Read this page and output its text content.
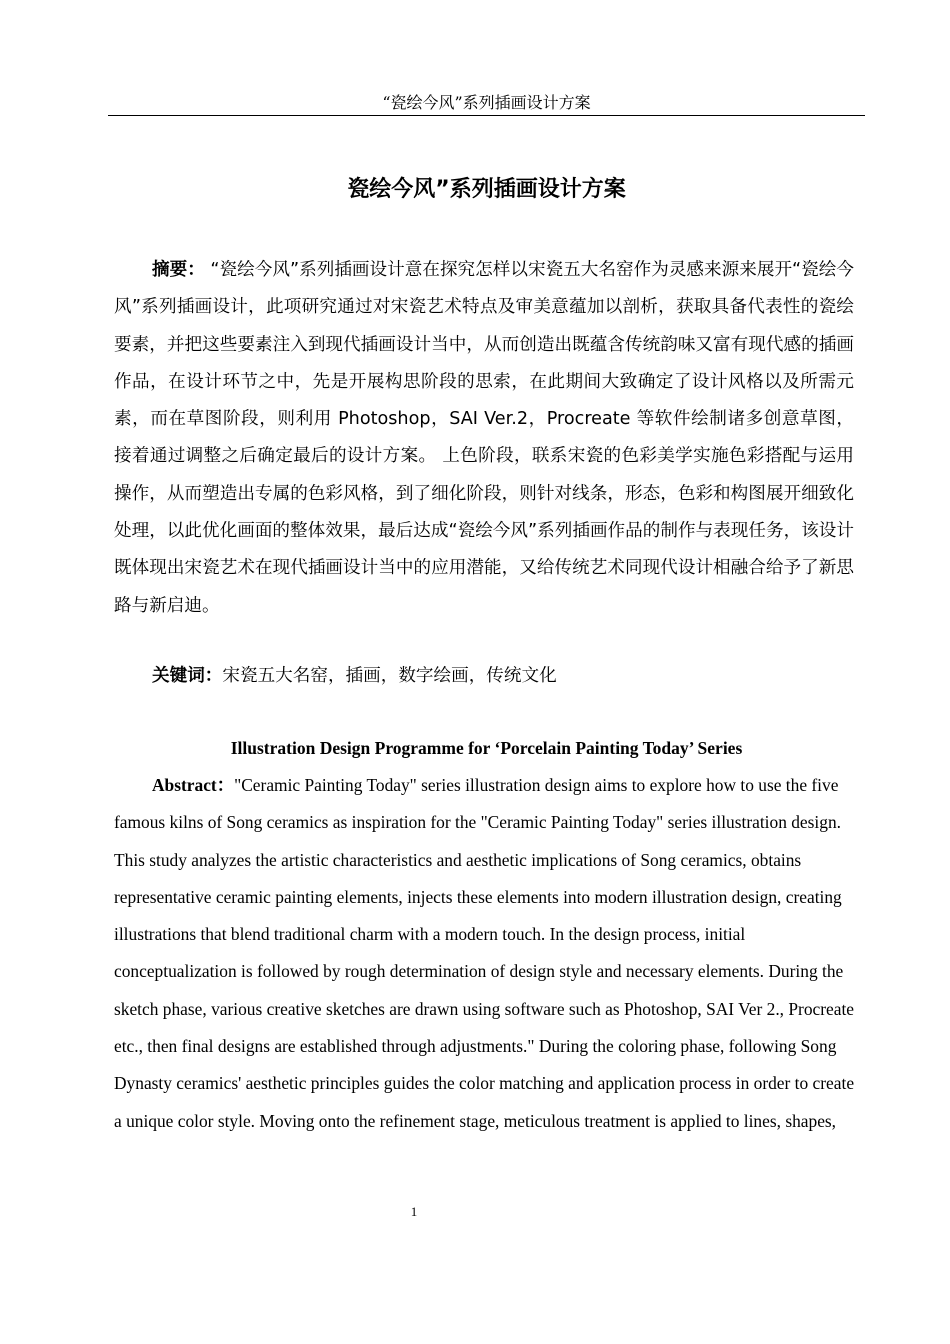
“瓷绘今风”系列插画设计方案
瓷绘今风”系列插画设计方案

摘要： “瓷绘今风”系列插画设计意在探究怎样以宋瓷五大名窑作为灵感来源来展开“瓷绘今风”系列插画设计，此项研究通过对宋瓷艺术特点及审美意蕴加以剖析，获取具备代表性的瓷绘要素，并把这些要素注入到现代插画设计当中，从而创造出既蕴含传统韵味又富有现代感的插画作品，在设计环节之中，先是开展构思阶段的思索，在此期间大致确定了设计风格以及所需元素，而在草图阶段，则利用 Photoshop，SAI Ver.2，Procreate 等软件绘制诸多创意草图，接着通过调整之后确定最后的设计方案。 上色阶段，联系宋瓷的色彩美学实施色彩搭配与运用操作，从而塑造出专属的色彩风格，到了细化阶段，则针对线条，形态，色彩和构图展开细致化处理，以此优化画面的整体效果，最后达成“瓷绘今风”系列插画作品的制作与表现任务，该设计既体现出宋瓷艺术在现代插画设计当中的应用潜能，又给传统艺术同现代设计相融合给予了新思路与新启迪。

关键词：宋瓷五大名窑，插画，数字绘画，传统文化

Illustration Design Programme for ‘Porcelain Painting Today’ Series

Abstract："Ceramic Painting Today" series illustration design aims to explore how to use the five famous kilns of Song ceramics as inspiration for the "Ceramic Painting Today" series illustration design. This study analyzes the artistic characteristics and aesthetic implications of Song ceramics, obtains representative ceramic painting elements, injects these elements into modern illustration design, creating illustrations that blend traditional charm with a modern touch. In the design process, initial conceptualization is followed by rough determination of design style and necessary elements. During the sketch phase, various creative sketches are drawn using software such as Photoshop, SAI Ver 2., Procreate etc., then final designs are established through adjustments." During the coloring phase, following Song Dynasty ceramics' aesthetic principles guides the color matching and application process in order to create a unique color style. Moving onto the refinement stage, meticulous treatment is applied to lines, shapes,

1
